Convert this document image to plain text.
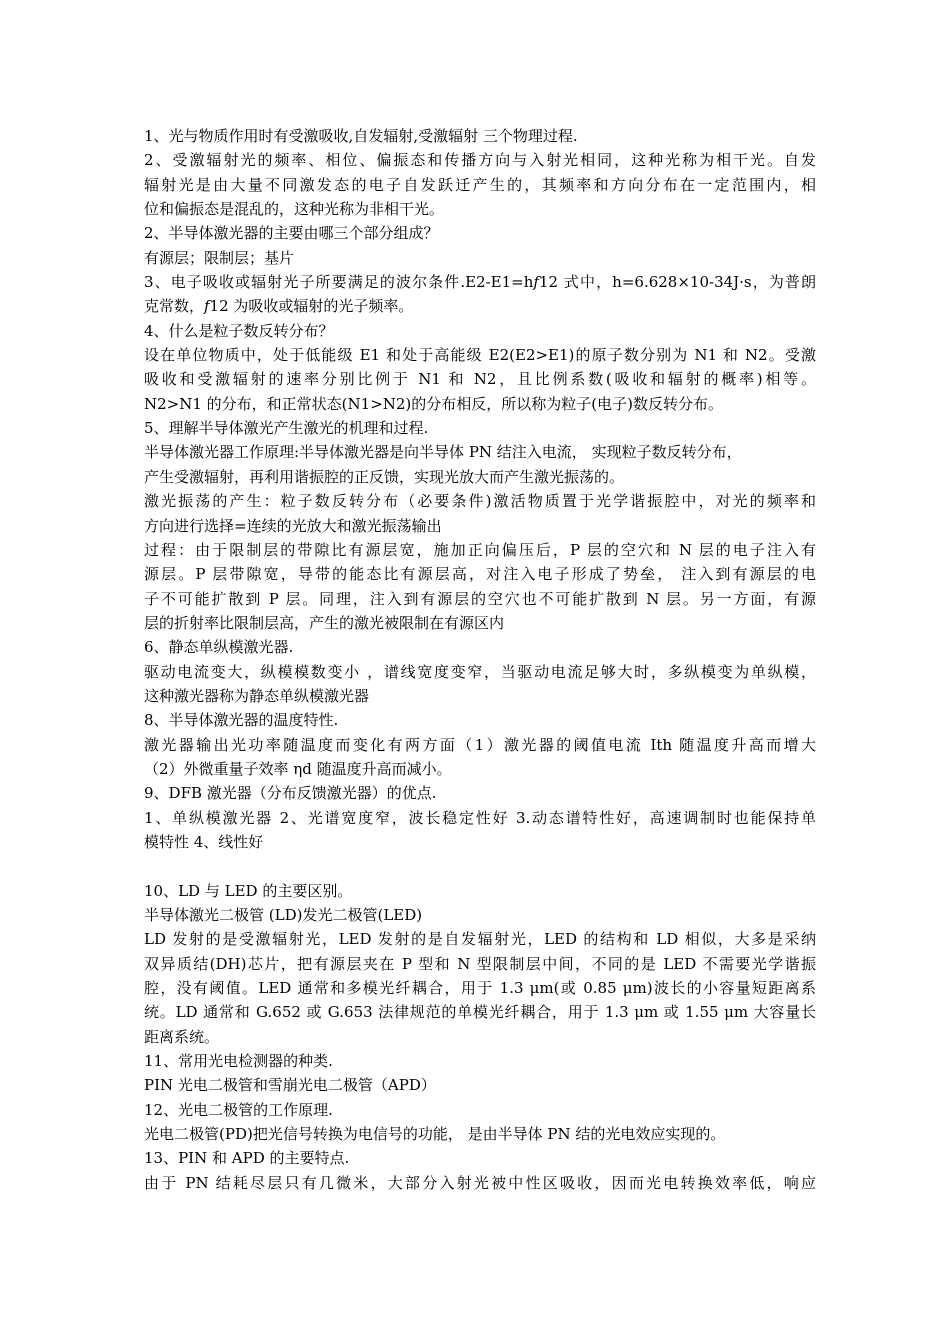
1、光与物质作用时有受激吸收,自发辐射,受激辐射 三个物理过程.
2、受激辐射光的频率、相位、偏振态和传播方向与入射光相同，这种光称为相干光。自发
辐射光是由大量不同激发态的电子自发跃迁产生的，其频率和方向分布在一定范围内，相
位和偏振态是混乱的，这种光称为非相干光。
2、半导体激光器的主要由哪三个部分组成？
有源层；限制层；基片
3、电子吸收或辐射光子所要满足的波尔条件.E2-E1=h𝑓12 式中，h=6.628×10-34J·s，为普朗
克常数，𝑓12 为吸收或辐射的光子频率。
4、什么是粒子数反转分布？
设在单位物质中，处于低能级 E1 和处于高能级 E2(E2>E1)的原子数分别为 N1 和 N2。受激
吸收和受激辐射的速率分别比例于 N1 和 N2，且比例系数(吸收和辐射的概率)相等。
N2>N1 的分布，和正常状态(N1>N2)的分布相反，所以称为粒子(电子)数反转分布。
5、理解半导体激光产生激光的机理和过程.
半导体激光器工作原理:半导体激光器是向半导体 PN 结注入电流， 实现粒子数反转分布，
产生受激辐射，再利用谐振腔的正反馈，实现光放大而产生激光振荡的。
激光振荡的产生：粒子数反转分布（必要条件)激活物质置于光学谐振腔中，对光的频率和
方向进行选择=连续的光放大和激光振荡输出
过程：由于限制层的带隙比有源层宽，施加正向偏压后，P 层的空穴和 N 层的电子注入有
源层。P 层带隙宽，导带的能态比有源层高，对注入电子形成了势垒， 注入到有源层的电
子不可能扩散到 P 层。同理，注入到有源层的空穴也不可能扩散到 N 层。另一方面，有源
层的折射率比限制层高，产生的激光被限制在有源区内
6、静态单纵模激光器.
驱动电流变大，纵模模数变小 ，谱线宽度变窄，当驱动电流足够大时，多纵模变为单纵模，
这种激光器称为静态单纵模激光器
8、半导体激光器的温度特性.
激光器输出光功率随温度而变化有两方面（1）激光器的阈值电流 Ith 随温度升高而增大
（2）外微重量子效率 ηd 随温度升高而减小。
9、DFB 激光器（分布反馈激光器）的优点.
1、单纵模激光器 2、光谱宽度窄，波长稳定性好 3.动态谱特性好，高速调制时也能保持单
模特性 4、线性好
10、LD 与 LED 的主要区别。
半导体激光二极管 (LD)发光二极管(LED)
LD 发射的是受激辐射光，LED 发射的是自发辐射光，LED 的结构和 LD 相似，大多是采纳
双异质结(DH)芯片，把有源层夹在 P 型和 N 型限制层中间，不同的是 LED 不需要光学谐振
腔，没有阈值。LED 通常和多模光纤耦合，用于 1.3 μm(或 0.85 μm)波长的小容量短距离系
统。LD 通常和 G.652 或 G.653 法律规范的单模光纤耦合，用于 1.3 μm 或 1.55 μm 大容量长
距离系统。
11、常用光电检测器的种类.
PIN 光电二极管和雪崩光电二极管（APD）
12、光电二极管的工作原理.
光电二极管(PD)把光信号转换为电信号的功能， 是由半导体 PN 结的光电效应实现的。
13、PIN 和 APD 的主要特点.
由于 PN 结耗尽层只有几微米，大部分入射光被中性区吸收，因而光电转换效率低，响应
